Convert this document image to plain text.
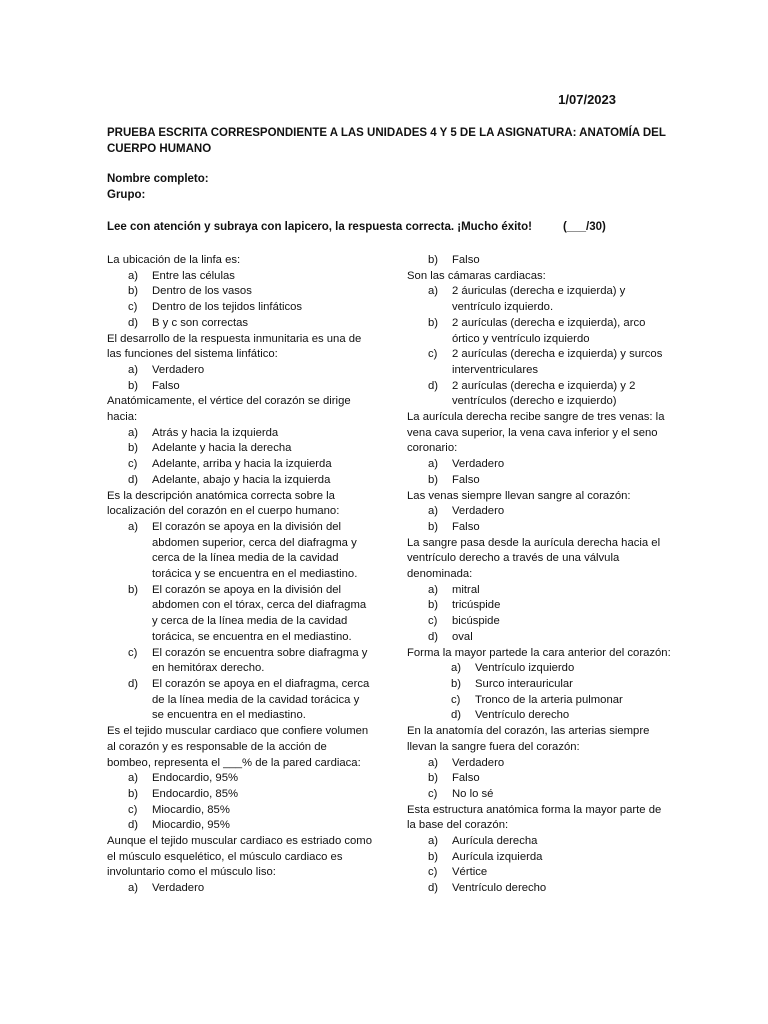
1/07/2023
PRUEBA ESCRITA CORRESPONDIENTE A LAS UNIDADES 4 Y 5 DE LA ASIGNATURA: ANATOMÍA DEL CUERPO HUMANO
Nombre completo:
Grupo:
Lee con atención y subraya con lapicero, la respuesta correcta. ¡Mucho éxito!	(___/30)

La ubicación de la linfa es:

a) Entre las células
b) Dentro de los vasos
c) Dentro de los tejidos linfáticos
d) B y c son correctas

El desarrollo de la respuesta inmunitaria es una de las funciones del sistema linfático:

a) Verdadero
b) Falso

Anatómicamente, el vértice del corazón se dirige hacia:

a) Atrás y hacia la izquierda
b) Adelante y hacia la derecha
c) Adelante, arriba y hacia la izquierda
d) Adelante, abajo y hacia la izquierda

Es la descripción anatómica correcta sobre la localización del corazón en el cuerpo humano:

a) El corazón se apoya en la división del abdomen superior, cerca del diafragma y cerca de la línea media de la cavidad torácica y se encuentra en el mediastino.
b) El corazón se apoya en la división del abdomen con el tórax, cerca del diafragma y cerca de la línea media de la cavidad torácica, se encuentra en el mediastino.
c) El corazón se encuentra sobre diafragma y en hemitórax derecho.
d) El corazón se apoya en el diafragma, cerca de la línea media de la cavidad torácica y se encuentra en el mediastino.

Es el tejido muscular cardiaco que confiere volumen al corazón y es responsable de la acción de bombeo, representa el ___% de la pared cardiaca:

a) Endocardio, 95%
b) Endocardio, 85%
c) Miocardio, 85%
d) Miocardio, 95%

Aunque el tejido muscular cardiaco es estriado como el músculo esquelético, el músculo cardiaco es involuntario como el músculo liso:

a) Verdadero
b) Falso

Son las cámaras cardiacas:

a) 2 áuriculas (derecha e izquierda) y ventrículo izquierdo.
b) 2 aurículas (derecha e izquierda), arco órtico y ventrículo izquierdo
c) 2 aurículas (derecha e izquierda) y surcos interventriculares
d) 2 aurículas (derecha e izquierda) y 2 ventrículos (derecho e izquierdo)

La aurícula derecha recibe sangre de tres venas: la vena cava superior, la vena cava inferior y el seno coronario:

a) Verdadero
b) Falso

Las venas siempre llevan sangre al corazón:

a) Verdadero
b) Falso

La sangre pasa desde la aurícula derecha hacia el ventrículo derecho a través de una válvula denominada:

a) mitral
b) tricúspide
c) bicúspide
d) oval

Forma la mayor partede la cara anterior del corazón:

a) Ventrículo izquierdo
b) Surco interauricular
c) Tronco de la arteria pulmonar
d) Ventrículo derecho

En la anatomía del corazón, las arterias siempre llevan la sangre fuera del corazón:

a) Verdadero
b) Falso
c) No lo sé

Esta estructura anatómica forma la mayor parte de la base del corazón:

a) Aurícula derecha
b) Aurícula izquierda
c) Vértice
d) Ventrículo derecho
